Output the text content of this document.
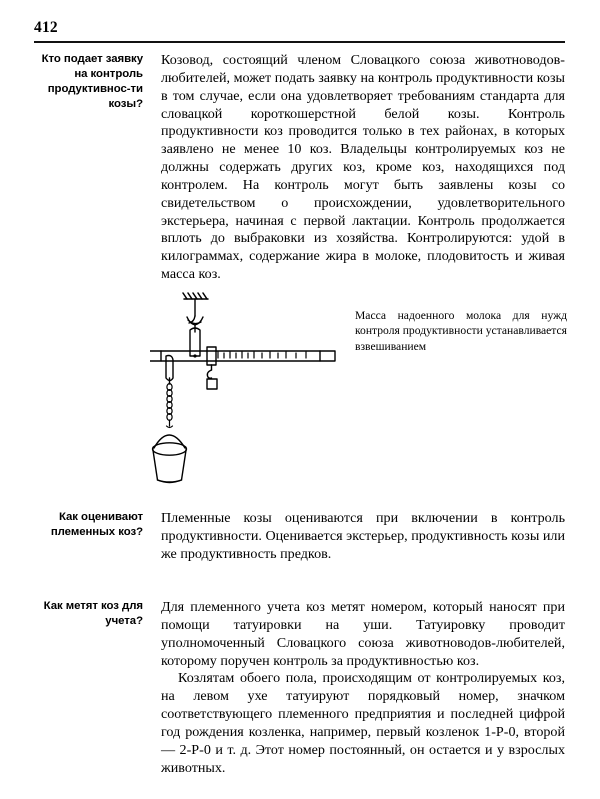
412
Кто подает заявку на контроль продуктивнос-ти козы?

Козовод, состоящий членом Словацкого союза животноводов-любителей, может подать заявку на контроль продуктивности козы в том случае, если она удовлетворяет требованиям стандарта для словацкой короткошерстной белой козы. Контроль продуктивности коз проводится только в тех районах, в которых заявлено не менее 10 коз. Владельцы контролируемых коз не должны содержать других коз, кроме коз, находящихся под контролем. На контроль могут быть заявлены козы со свидетельством о происхождении, удовлетворительного экстерьера, начиная с первой лактации. Контроль продолжается вплоть до выбраковки из хозяйства. Контролируются: удой в килограммах, содержание жира в молоке, плодовитость и живая масса коз.

Масса надоенного молока для нужд контроля продуктивности устанавливается взвешиванием
Как оценивают племенных коз?

Племенные козы оцениваются при включении в контроль продуктивности. Оценивается экстерьер, продуктивность козы или же продуктивность предков.

Как метят коз для учета?

Для племенного учета коз метят номером, который наносят при помощи татуировки на уши. Татуировку проводит уполномоченный Словацкого союза животноводов-любителей, которому поручен контроль за продуктивностью коз.

Козлятам обоего пола, происходящим от контролируемых коз, на левом ухе татуируют порядковый номер, значком соответствующего племенного предприятия и последней цифрой год рождения козленка, например, первый козленок 1-Р-0, второй — 2-Р-0 и т. д. Этот номер постоянный, он остается и у взрослых животных.
